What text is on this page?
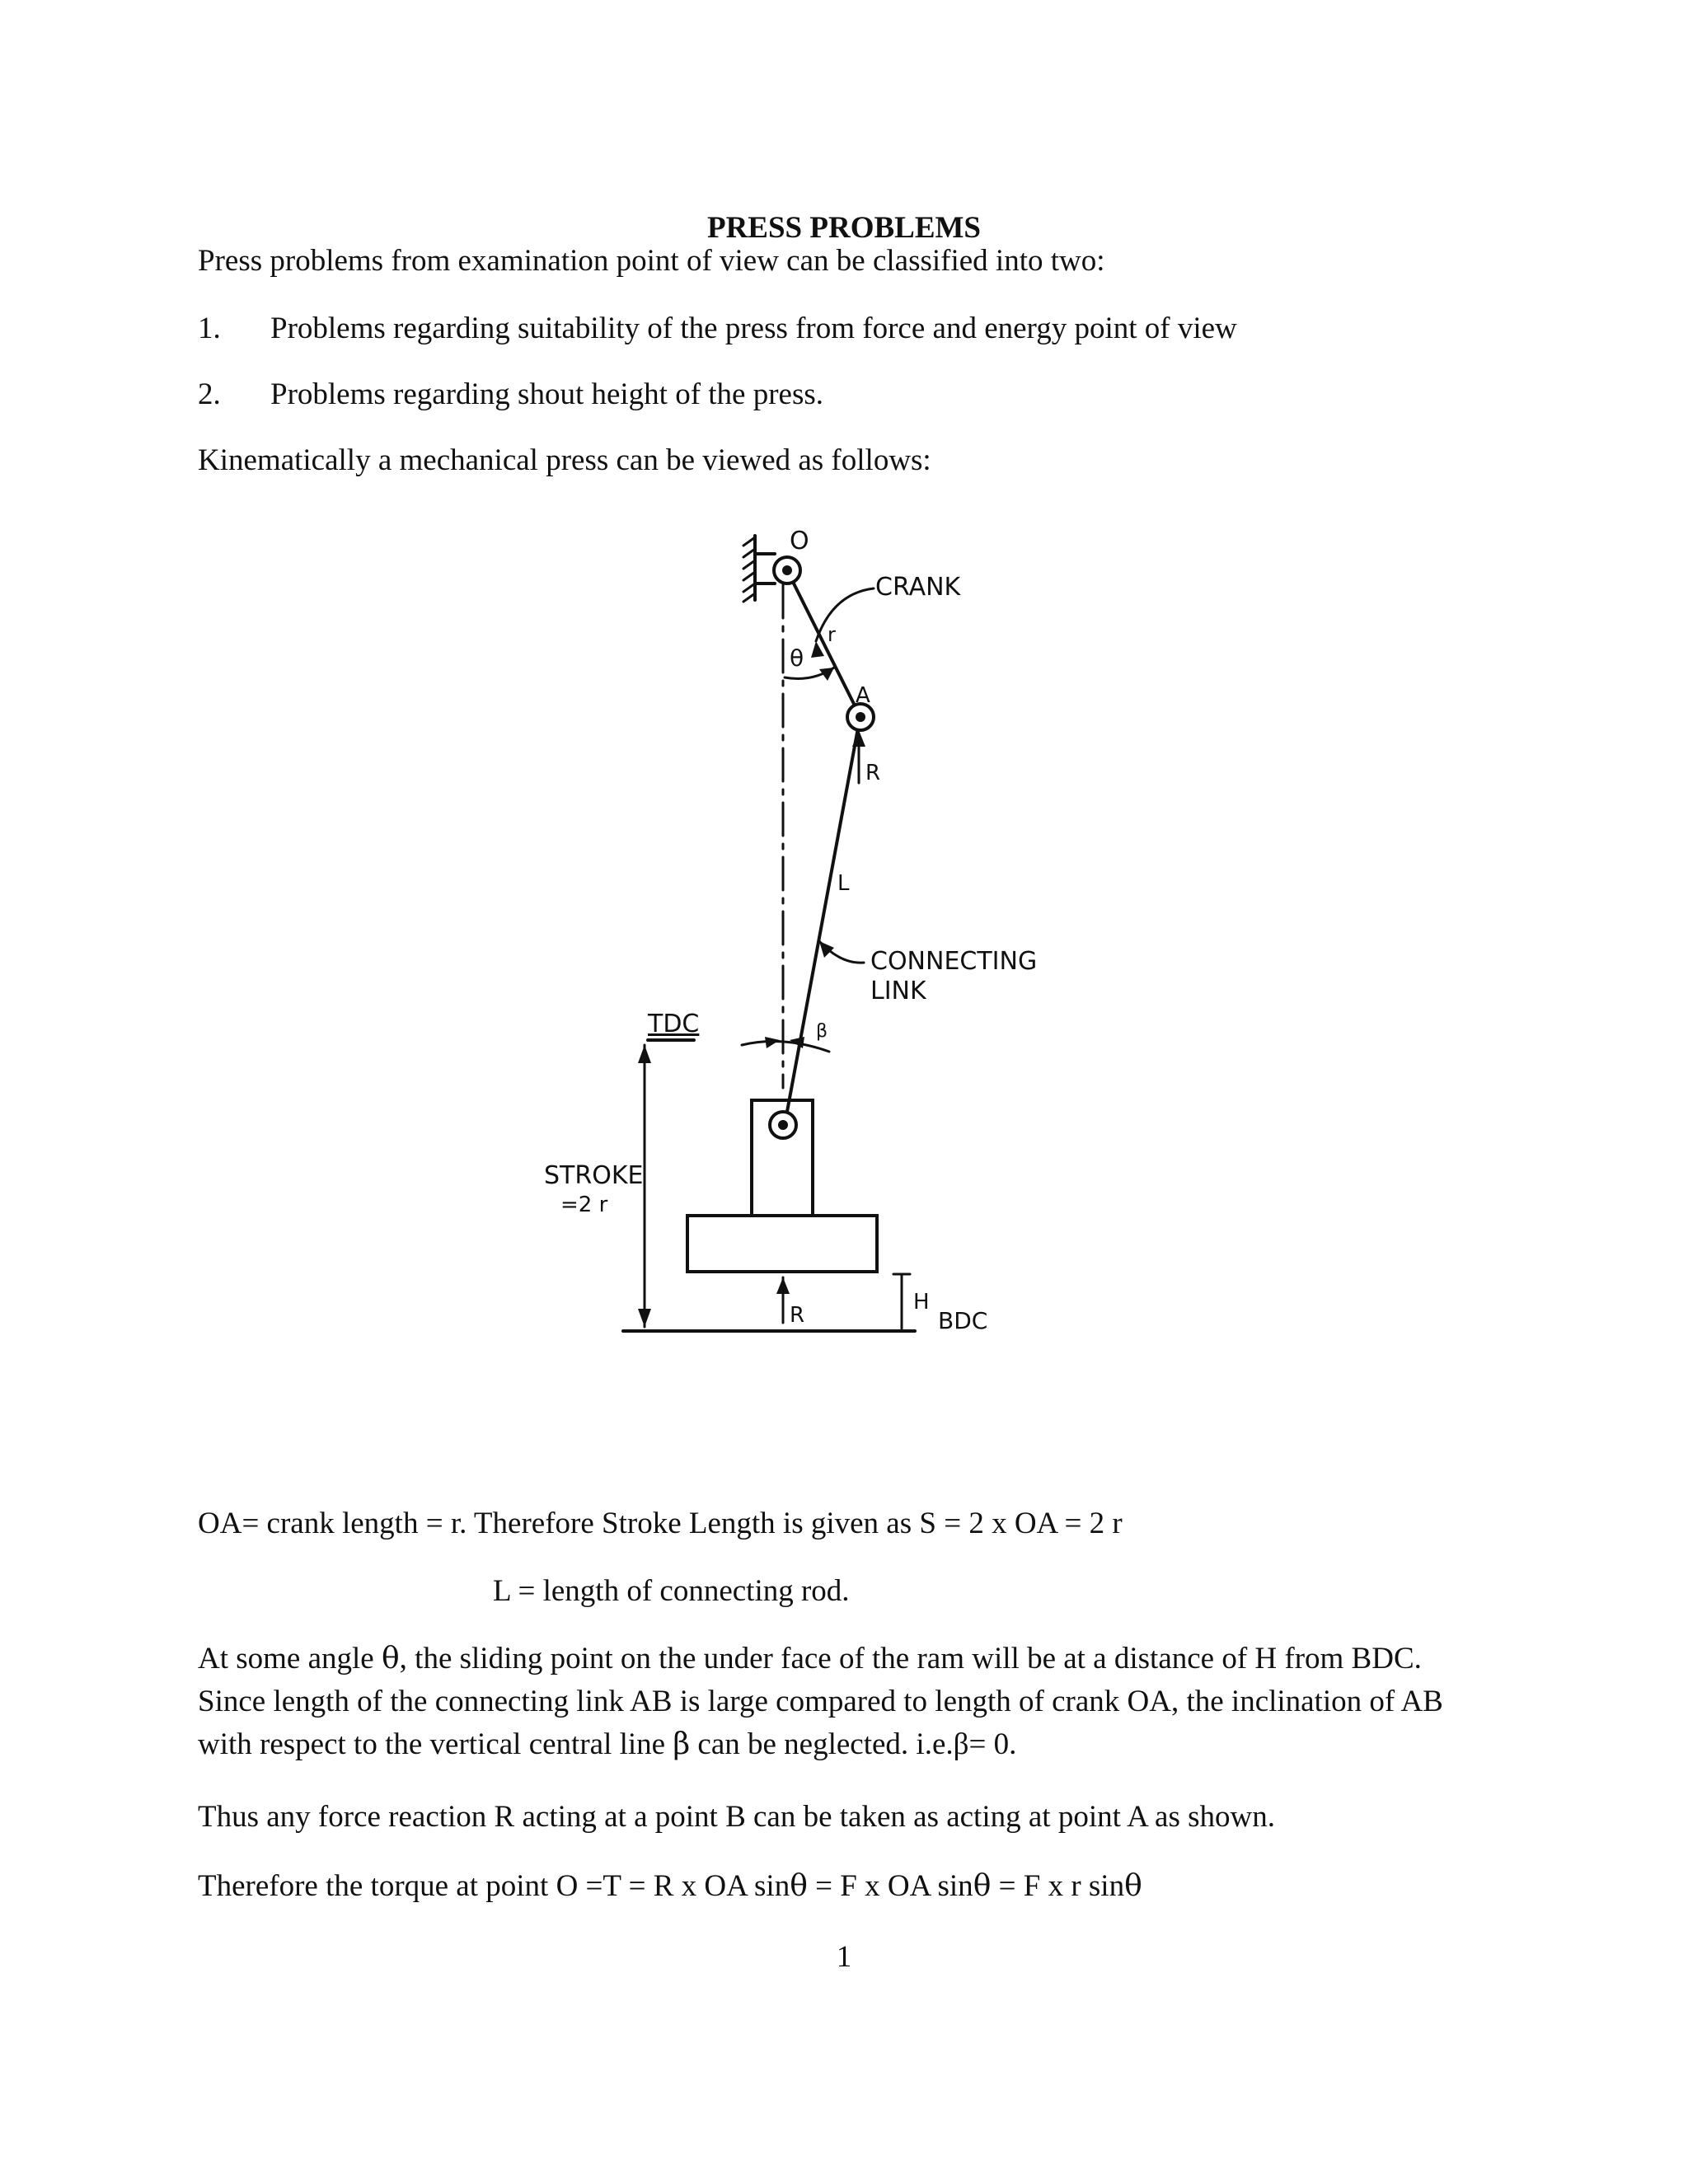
PRESS PROBLEMS
Press problems from examination point of view can be classified into two:
1.	Problems regarding suitability of the press from force and energy point of view
2.	Problems regarding shout height of the press.
Kinematically a mechanical press can be viewed as follows:
O
CRANK
r
θ
A
R
L
CONNECTING
LINK
TDC	β
STROKE
=2 r
R
H
BDC
OA= crank length = r. Therefore Stroke Length is given as S = 2 x OA = 2 r
L = length of connecting rod.
At some angle θ, the sliding point on the under face of the ram will be at a distance of H from BDC.
Since length of the connecting link AB is large compared to length of crank OA, the inclination of AB
with respect to the vertical central line β can be neglected. i.e.β= 0.
Thus any force reaction R acting at a point B can be taken as acting at point A as shown.
Therefore the torque at point O =T = R x OA sinθ = F x OA sinθ = F x r sinθ
1
